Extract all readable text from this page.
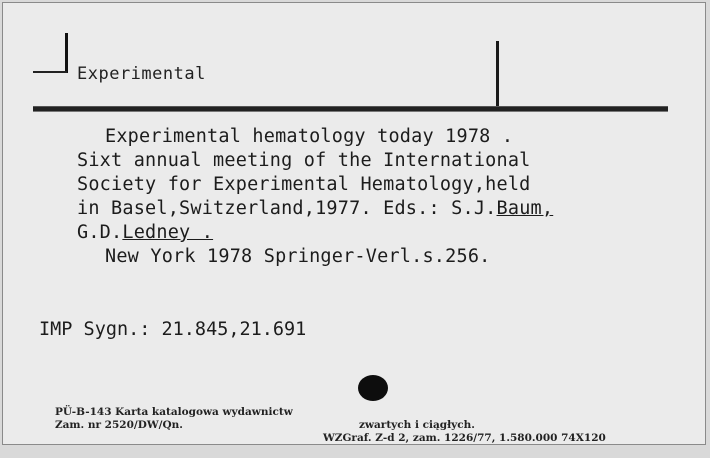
Experimental
Experimental hematology today 1978 .
Sixt annual meeting of the International
Society for Experimental Hematology,held
in Basel,Switzerland,1977. Eds.: S.J.Baum,
G.D.Ledney .
New York 1978 Springer-Verl.s.256.
IMP Sygn.: 21.845,21.691

PÜ-B-143 Karta katalogowa wydawnictw

zwartych i ciągłych.

Zam. nr 2520/DW/Qn.

WZGraf. Z-d 2, zam. 1226/77, 1.580.000 74X120
